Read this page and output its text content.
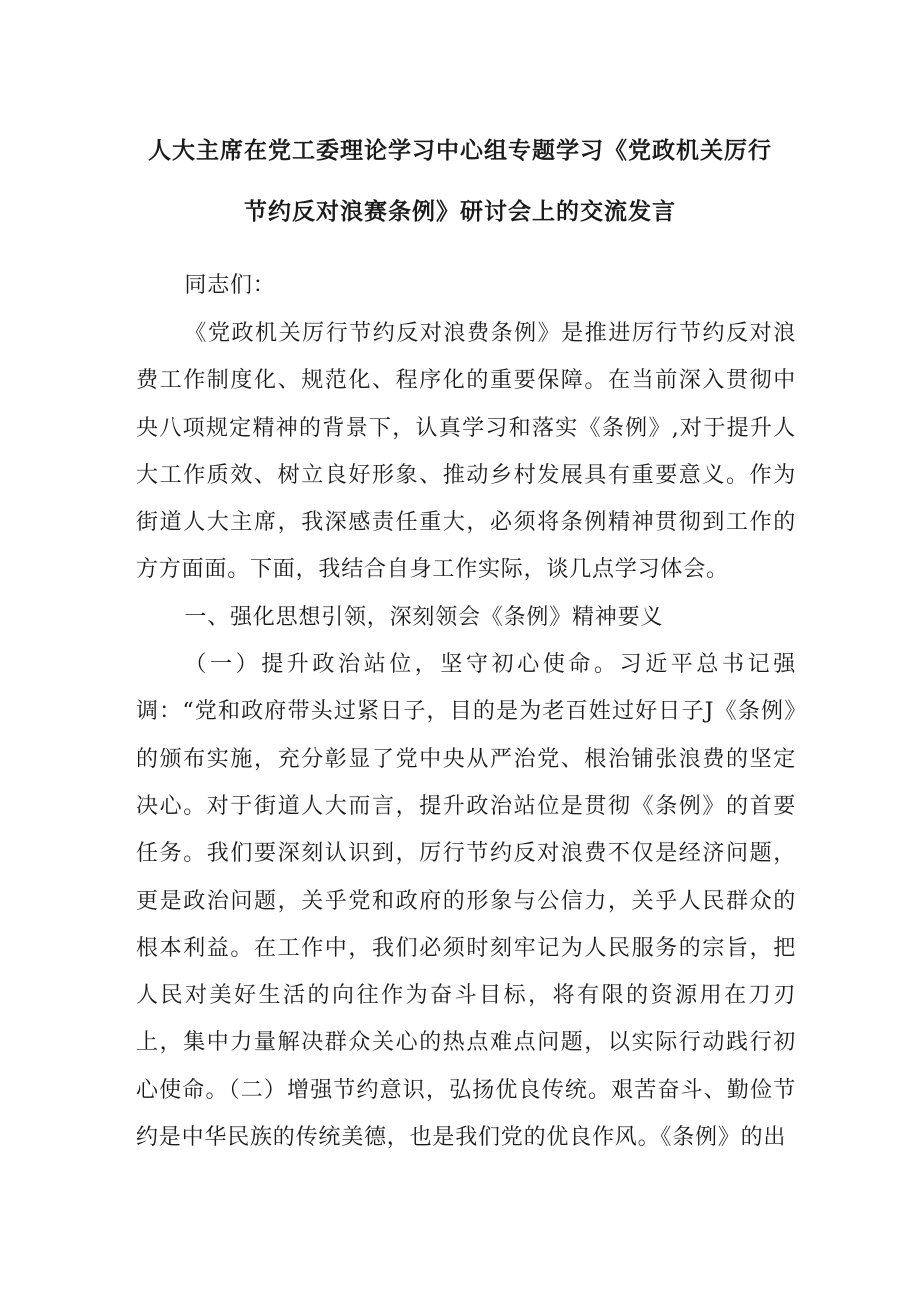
人大主席在党工委理论学习中心组专题学习《党政机关厉行
节约反对浪赛条例》研讨会上的交流发言

同志们：

《党政机关厉行节约反对浪费条例》是推进厉行节约反对浪费工作制度化、规范化、程序化的重要保障。在当前深入贯彻中央八项规定精神的背景下，认真学习和落实《条例》,对于提升人大工作质效、树立良好形象、推动乡村发展具有重要意义。作为街道人大主席，我深感责任重大，必须将条例精神贯彻到工作的方方面面。下面，我结合自身工作实际，谈几点学习体会。

一、强化思想引领，深刻领会《条例》精神要义

（一）提升政治站位，坚守初心使命。习近平总书记强调：“党和政府带头过紧日子，目的是为老百姓过好日子J《条例》的颁布实施，充分彰显了党中央从严治党、根治铺张浪费的坚定决心。对于街道人大而言，提升政治站位是贯彻《条例》的首要任务。我们要深刻认识到，厉行节约反对浪费不仅是经济问题，更是政治问题，关乎党和政府的形象与公信力，关乎人民群众的根本利益。在工作中，我们必须时刻牢记为人民服务的宗旨，把人民对美好生活的向往作为奋斗目标，将有限的资源用在刀刃上，集中力量解决群众关心的热点难点问题，以实际行动践行初心使命。（二）增强节约意识，弘扬优良传统。艰苦奋斗、勤俭节约是中华民族的传统美德，也是我们党的优良作风。《条例》的出
